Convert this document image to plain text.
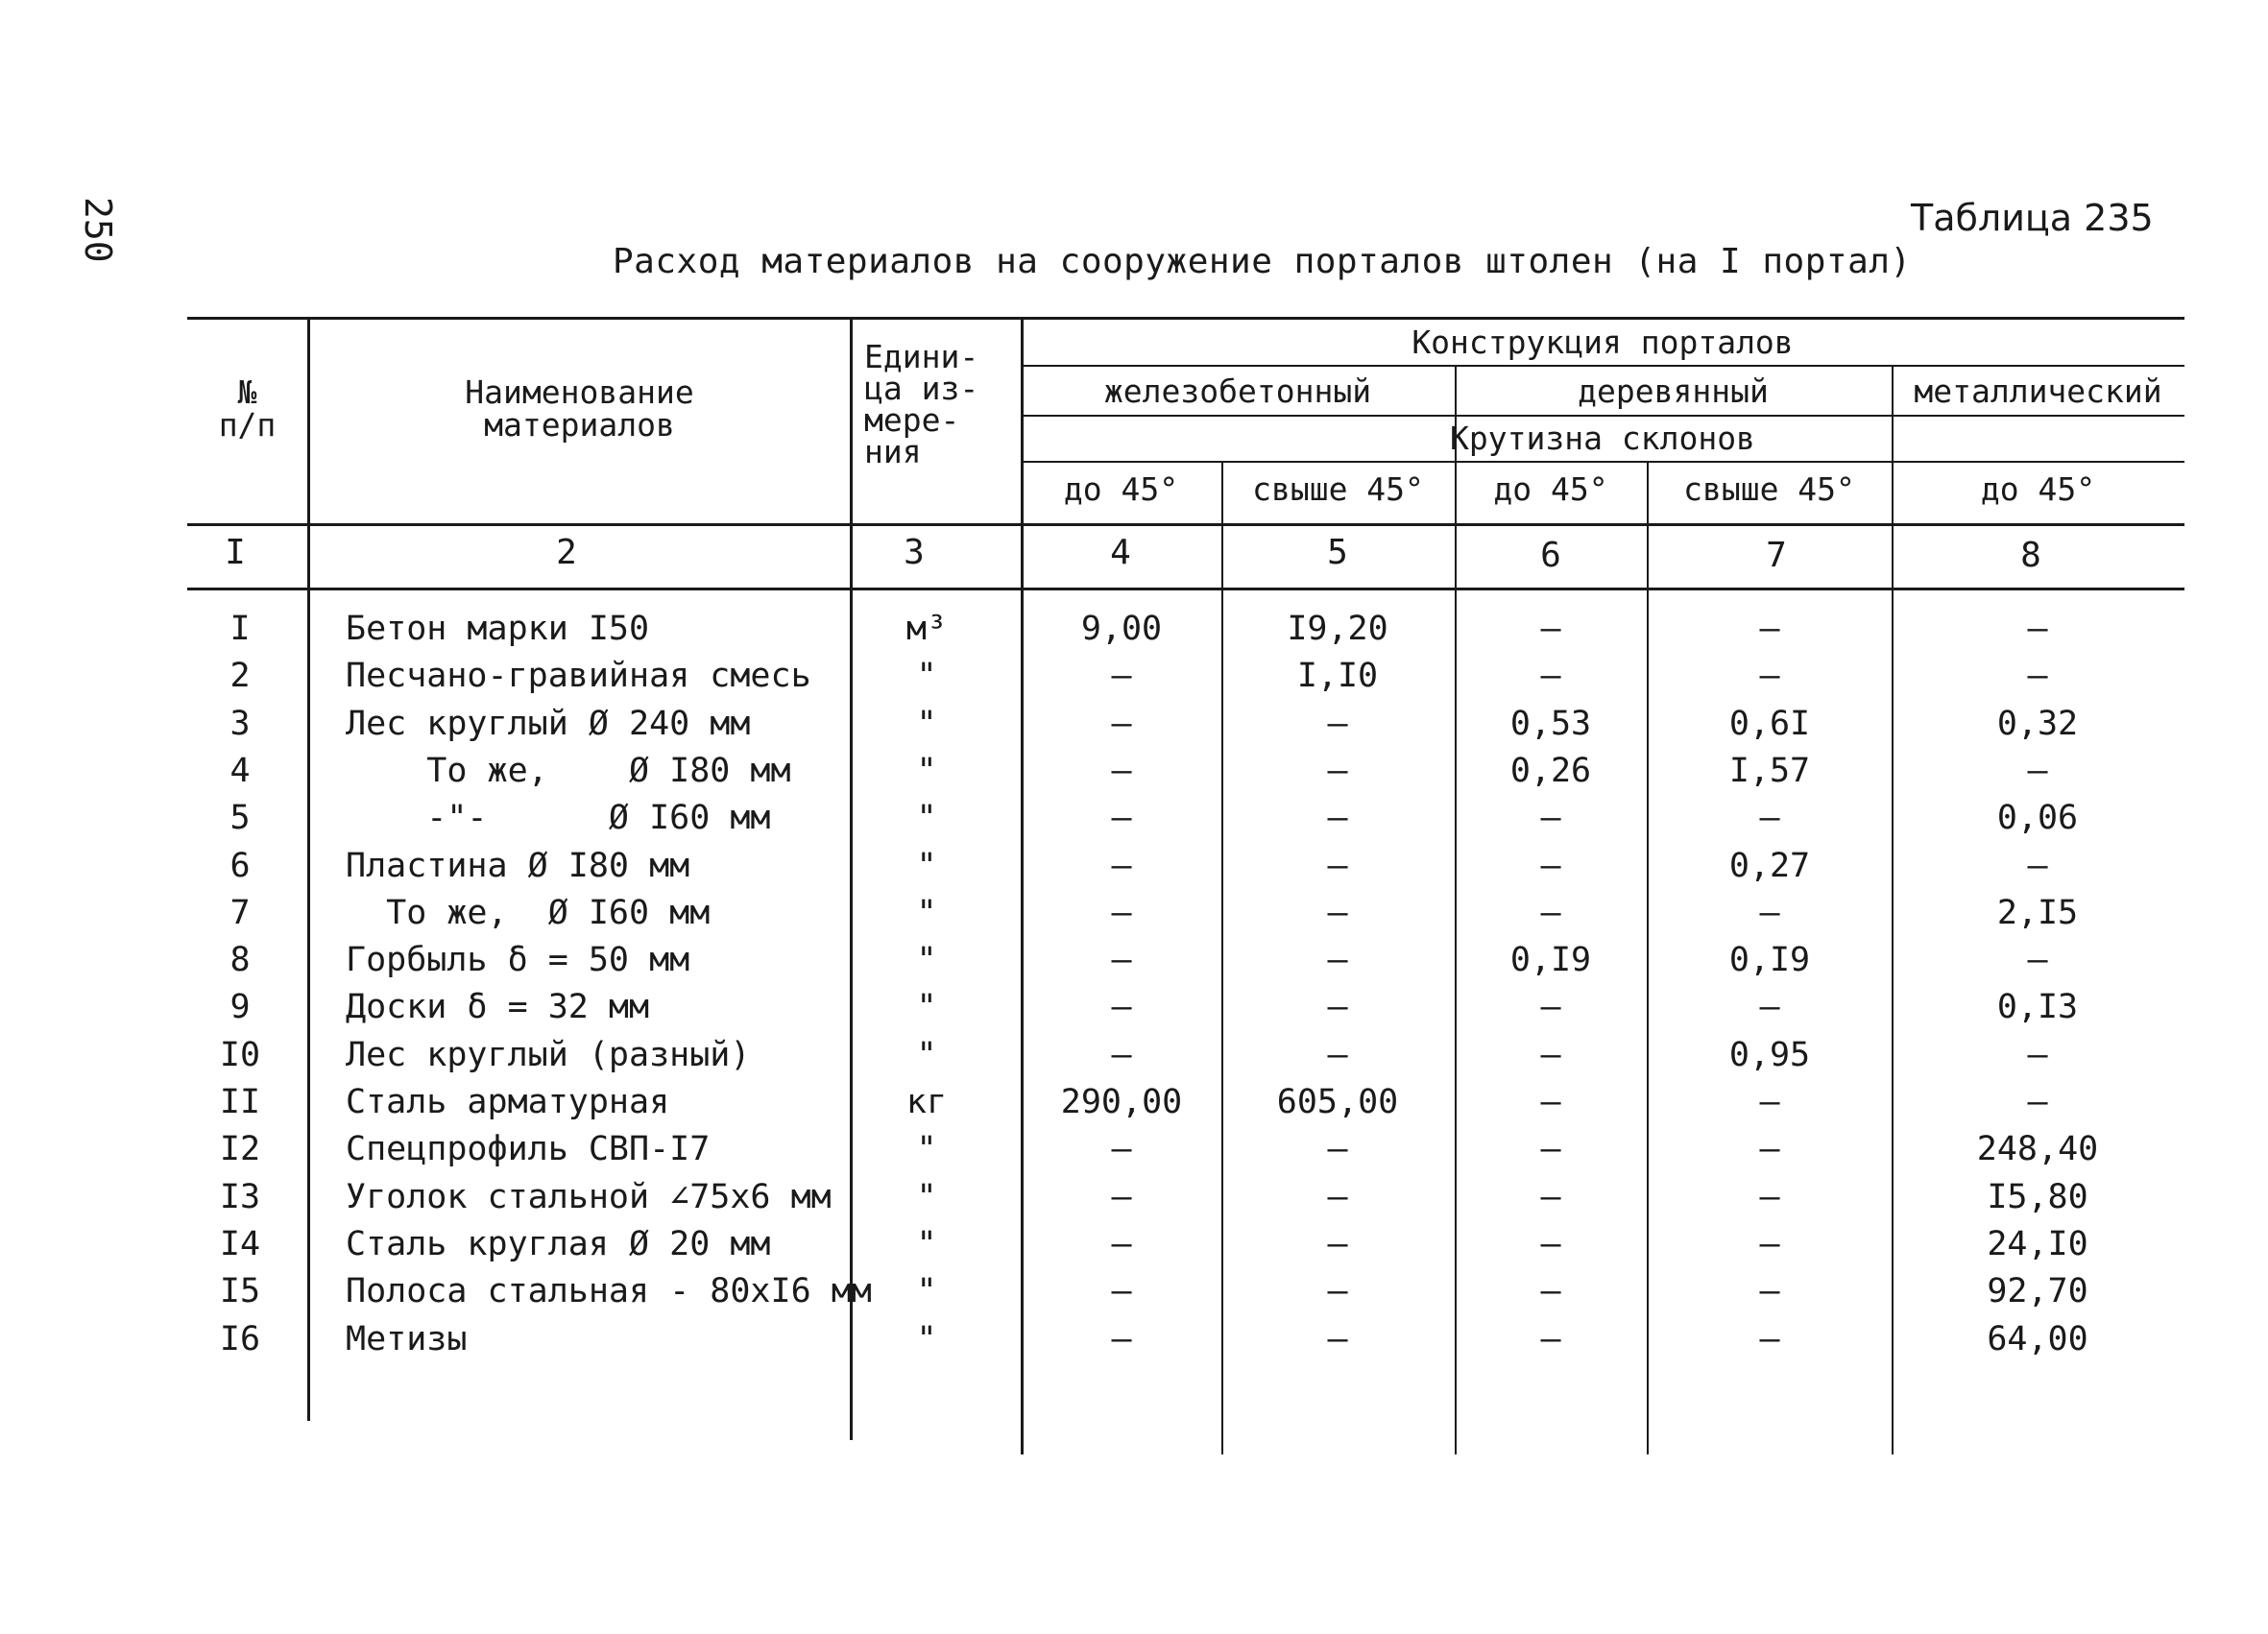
250	Таблица 235
Расход материалов на сооружение порталов штолен (на I портал)
№
п/п
Наименование
материалов
Едини-
ца из-
мере-
ния
Конструкция порталов
железобетонный	деревянный	металлический
Крутизна склонов
до 45°	свыше 45°	до 45°	свыше 45°	до 45°
I	2	3	4	5	6	7	8
I	Бетон марки I50	м³	9,00	I9,20	–	–	–
2	Песчано-гравийная смесь	"	–	I,I0	–	–	–
3	Лес круглый Ø 240 мм	"	–	–	0,53	0,6I	0,32
4	То же,    Ø I80 мм	"	–	–	0,26	I,57	–
5	-"-      Ø I60 мм	"	–	–	–	–	0,06
6	Пластина Ø I80 мм	"	–	–	–	0,27	–
7	То же,  Ø I60 мм	"	–	–	–	–	2,I5
8	Горбыль δ = 50 мм	"	–	–	0,I9	0,I9	–
9	Доски δ = 32 мм	"	–	–	–	–	0,I3
I0	Лес круглый (разный)	"	–	–	–	0,95	–
II	Сталь арматурная	кг	290,00	605,00	–	–	–
I2	Спецпрофиль СВП-I7	"	–	–	–	–	248,40
I3	Уголок стальной ∠75x6 мм	"	–	–	–	–	I5,80
I4	Сталь круглая Ø 20 мм	"	–	–	–	–	24,I0
I5	Полоса стальная - 80хI6 мм	"	–	–	–	–	92,70
I6	Метизы	"	–	–	–	–	64,00
